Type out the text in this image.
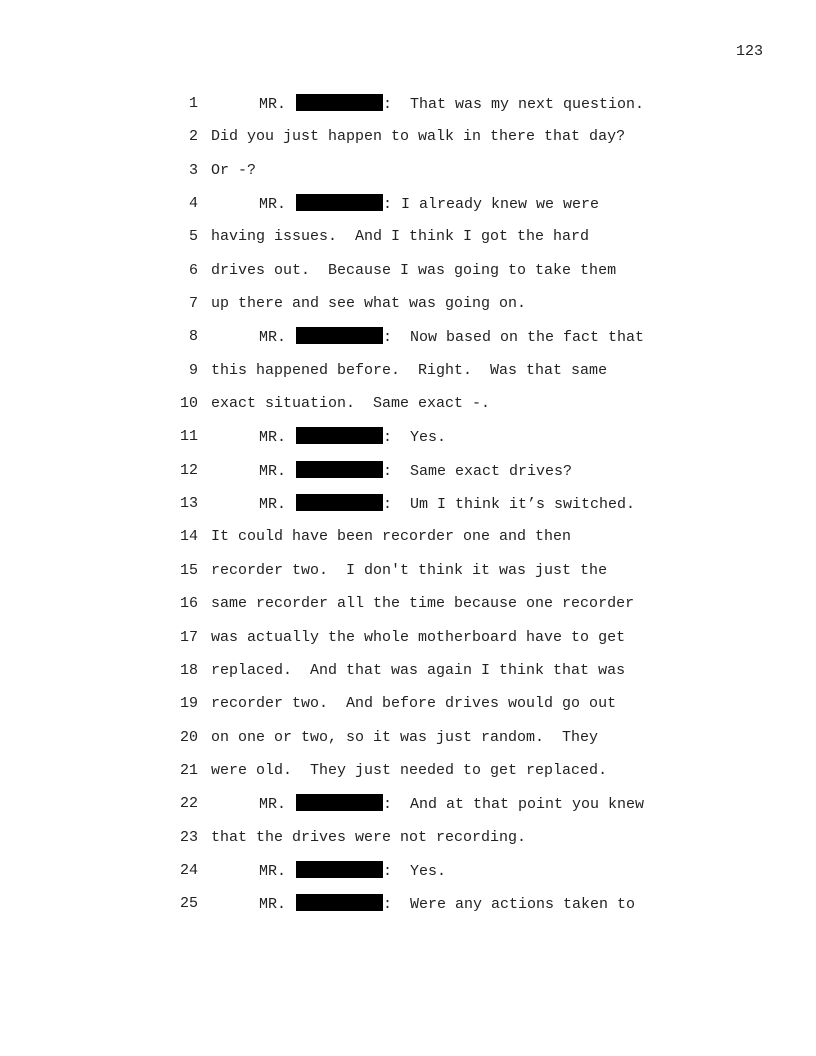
123
1	MR.	:  That was my next question.
2 Did you just happen to walk in there that day?
3 Or -?
4	MR.	: I already knew we were
5 having issues.  And I think I got the hard
6 drives out.  Because I was going to take them
7 up there and see what was going on.
8	MR.	:  Now based on the fact that
9 this happened before.  Right.  Was that same
10 exact situation.  Same exact -.
11	MR.	:  Yes.
12	MR.	:  Same exact drives?
13	MR.	:  Um I think it’s switched.
14 It could have been recorder one and then
15 recorder two.  I don't think it was just the
16 same recorder all the time because one recorder
17 was actually the whole motherboard have to get
18 replaced.  And that was again I think that was
19 recorder two.  And before drives would go out
20 on one or two, so it was just random.  They
21 were old.  They just needed to get replaced.
22	MR.	:  And at that point you knew
23 that the drives were not recording.
24	MR.	:  Yes.
25	MR.	:  Were any actions taken to
